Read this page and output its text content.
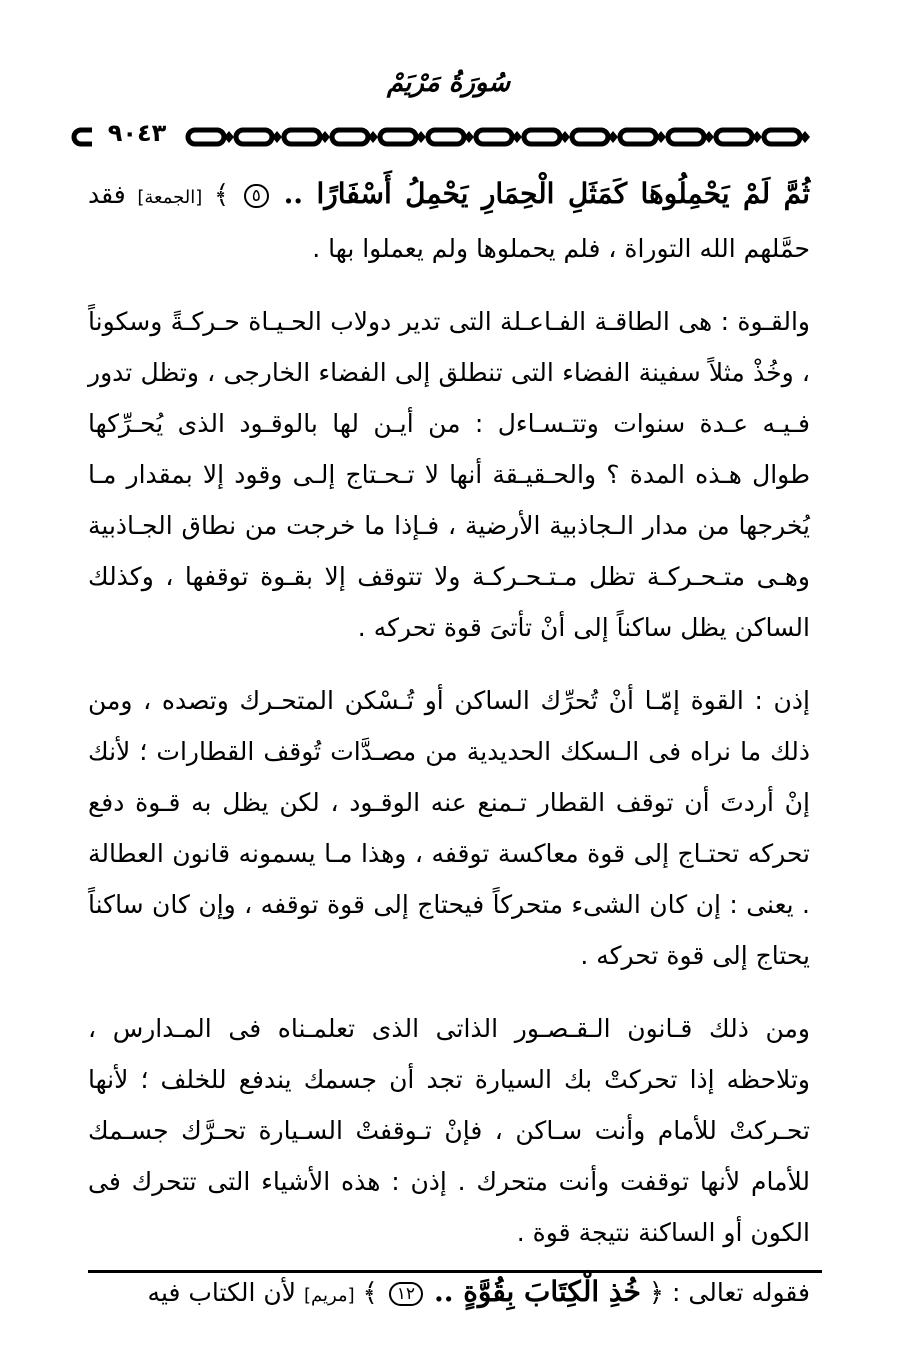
سُورَةُ مَرْيَمْ
٩٠٤٣

ثُمَّ لَمْ يَحْمِلُوهَا كَمَثَلِ الْحِمَارِ يَحْمِلُ أَسْفَارًا .. ٥ ﴾ [الجمعة] فقد حمَّلهم الله التوراة ، فلم يحملوها ولم يعملوا بها .

والقـوة : هى الطاقـة الفـاعـلة التى تدير دولاب الحـيـاة حـركـةً وسكوناً ، وخُذْ مثلاً سفينة الفضاء التى تنطلق إلى الفضاء الخارجى ، وتظل تدور فـيـه عـدة سنوات وتتـسـاءل : من أيـن لها بالوقـود الذى يُحـرِّكها طوال هـذه المدة ؟ والحـقيـقة أنها لا تـحـتاج إلـى وقود إلا بمقدار مـا يُخرجها من مدار الـجاذبية الأرضية ، فـإذا ما خرجت من نطاق الجـاذبية وهـى متـحـركـة تظل مـتـحـركـة ولا تتوقف إلا بقـوة توقفها ، وكذلك الساكن يظل ساكناً إلى أنْ تأتىَ قوة تحركه .

إذن : القوة إمّـا أنْ تُحرِّك الساكن أو تُـسْكن المتحـرك وتصده ، ومن ذلك ما نراه فى الـسكك الحديدية من مصـدَّات تُوقف القطارات ؛ لأنك إنْ أردتَ أن توقف القطار تـمنع عنه الوقـود ، لكن يظل به قـوة دفع تحركه تحتـاج إلى قوة معاكسة توقفه ، وهذا مـا يسمونه قانون العطالة . يعنى : إن كان الشىء متحركاً فيحتاج إلى قوة توقفه ، وإن كان ساكناً يحتاج إلى قوة تحركه .

ومن ذلك قـانون الـقـصـور الذاتى الذى تعلمـناه فى المـدارس ، وتلاحظه إذا تحركتْ بك السيارة تجد أن جسمك يندفع للخلف ؛ لأنها تحـركتْ للأمام وأنت سـاكن ، فإنْ تـوقفتْ السـيارة تحـرَّك جسـمك للأمام لأنها توقفت وأنت متحرك . إذن : هذه الأشياء التى تتحرك فى الكون أو الساكنة نتيجة قوة .

فقوله تعالى : ﴿ خُذِ الْكِتَابَ بِقُوَّةٍ .. ١٢ ﴾ [مريم] لأن الكتاب فيه
